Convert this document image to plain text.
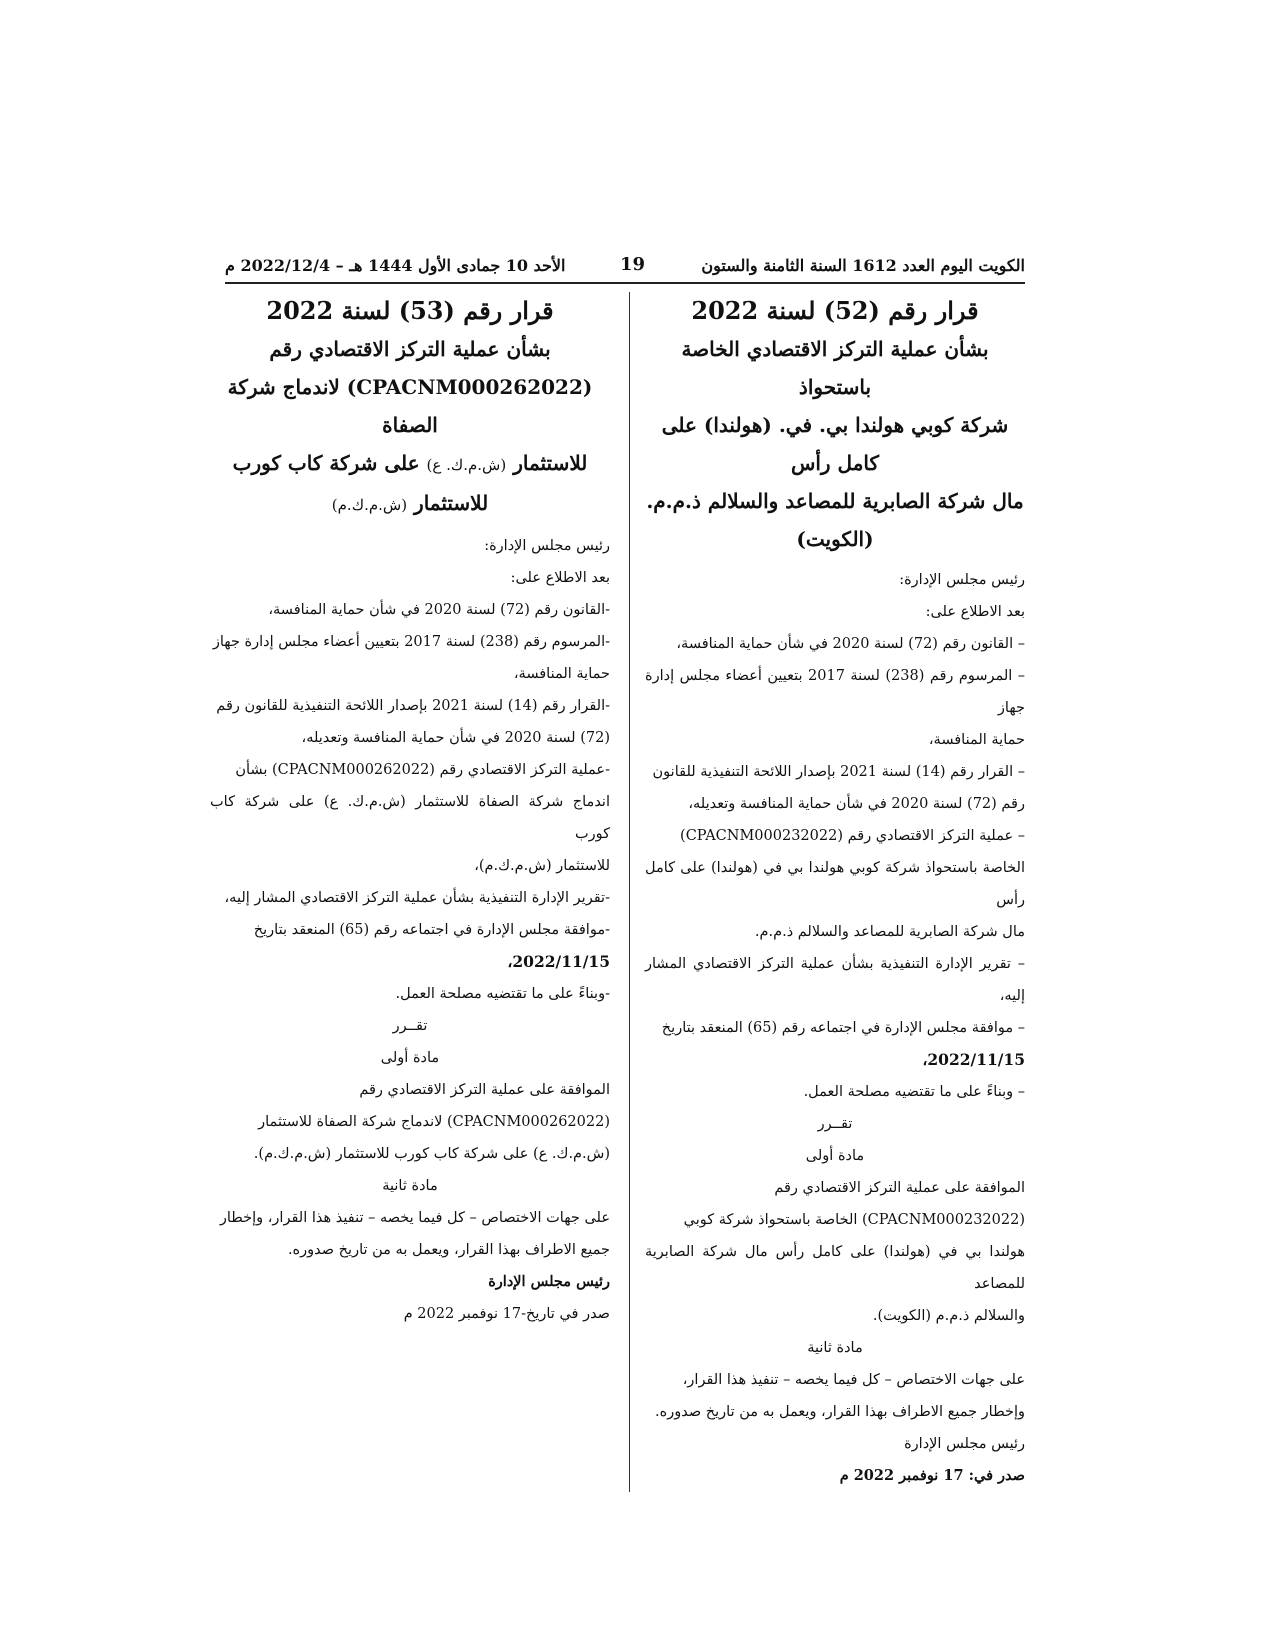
الكويت اليوم العدد 1612 السنة الثامنة والستون
19
الأحد 10 جمادى الأول 1444 هـ – 2022/12/4 م

قرار رقم (52) لسنة 2022

بشأن عملية التركز الاقتصادي الخاصة باستحواذ

شركة كوبي هولندا بي. في. (هولندا) على كامل رأس

مال شركة الصابرية للمصاعد والسلالم ذ.م.م.

(الكويت)

رئيس مجلس الإدارة:

بعد الاطلاع على:

– القانون رقم (72) لسنة 2020 في شأن حماية المنافسة،

– المرسوم رقم (238) لسنة 2017 بتعيين أعضاء مجلس إدارة جهاز

حماية المنافسة،

– القرار رقم (14) لسنة 2021 بإصدار اللائحة التنفيذية للقانون

رقم (72) لسنة 2020 في شأن حماية المنافسة وتعديله،

– عملية التركز الاقتصادي رقم (CPACNM000232022)

الخاصة باستحواذ شركة كوبي هولندا بي في (هولندا) على كامل رأس

مال شركة الصابرية للمصاعد والسلالم ذ.م.م.

– تقرير الإدارة التنفيذية بشأن عملية التركز الاقتصادي المشار إليه،

– موافقة مجلس الإدارة في اجتماعه رقم (65) المنعقد بتاريخ

2022/11/15،

– وبناءً على ما تقتضيه مصلحة العمل.

تقــرر

مادة أولى

الموافقة على عملية التركز الاقتصادي رقم

(CPACNM000232022) الخاصة باستحواذ شركة كوبي

هولندا بي في (هولندا) على كامل رأس مال شركة الصابرية للمصاعد

والسلالم ذ.م.م (الكويت).

مادة ثانية

على جهات الاختصاص – كل فيما يخصه – تنفيذ هذا القرار،

وإخطار جميع الاطراف بهذا القرار، ويعمل به من تاريخ صدوره.

رئيس مجلس الإدارة

صدر في: 17 نوفمبر 2022 م

قرار رقم (53) لسنة 2022

بشأن عملية التركز الاقتصادي رقم

(CPACNM000262022) لاندماج شركة الصفاة

للاستثمار (ش.م.ك. ع) على شركة كاب كورب

للاستثمار (ش.م.ك.م)

رئيس مجلس الإدارة:

بعد الاطلاع على:

-القانون رقم (72) لسنة 2020 في شأن حماية المنافسة،

-المرسوم رقم (238) لسنة 2017 بتعيين أعضاء مجلس إدارة جهاز

حماية المنافسة،

-القرار رقم (14) لسنة 2021 بإصدار اللائحة التنفيذية للقانون رقم

(72) لسنة 2020 في شأن حماية المنافسة وتعديله،

-عملية التركز الاقتصادي رقم (CPACNM000262022) بشأن

اندماج شركة الصفاة للاستثمار (ش.م.ك. ع) على شركة كاب كورب

للاستثمار (ش.م.ك.م)،

-تقرير الإدارة التنفيذية بشأن عملية التركز الاقتصادي المشار إليه،

-موافقة مجلس الإدارة في اجتماعه رقم (65) المنعقد بتاريخ

2022/11/15،

-وبناءً على ما تقتضيه مصلحة العمل.

تقــرر

مادة أولى

الموافقة على عملية التركز الاقتصادي رقم

(CPACNM000262022) لاندماج شركة الصفاة للاستثمار

(ش.م.ك. ع) على شركة كاب كورب للاستثمار (ش.م.ك.م).

مادة ثانية

على جهات الاختصاص – كل فيما يخصه – تنفيذ هذا القرار، وإخطار

جميع الاطراف بهذا القرار، ويعمل به من تاريخ صدوره.

رئيس مجلس الإدارة

صدر في تاريخ-17 نوفمبر 2022 م
